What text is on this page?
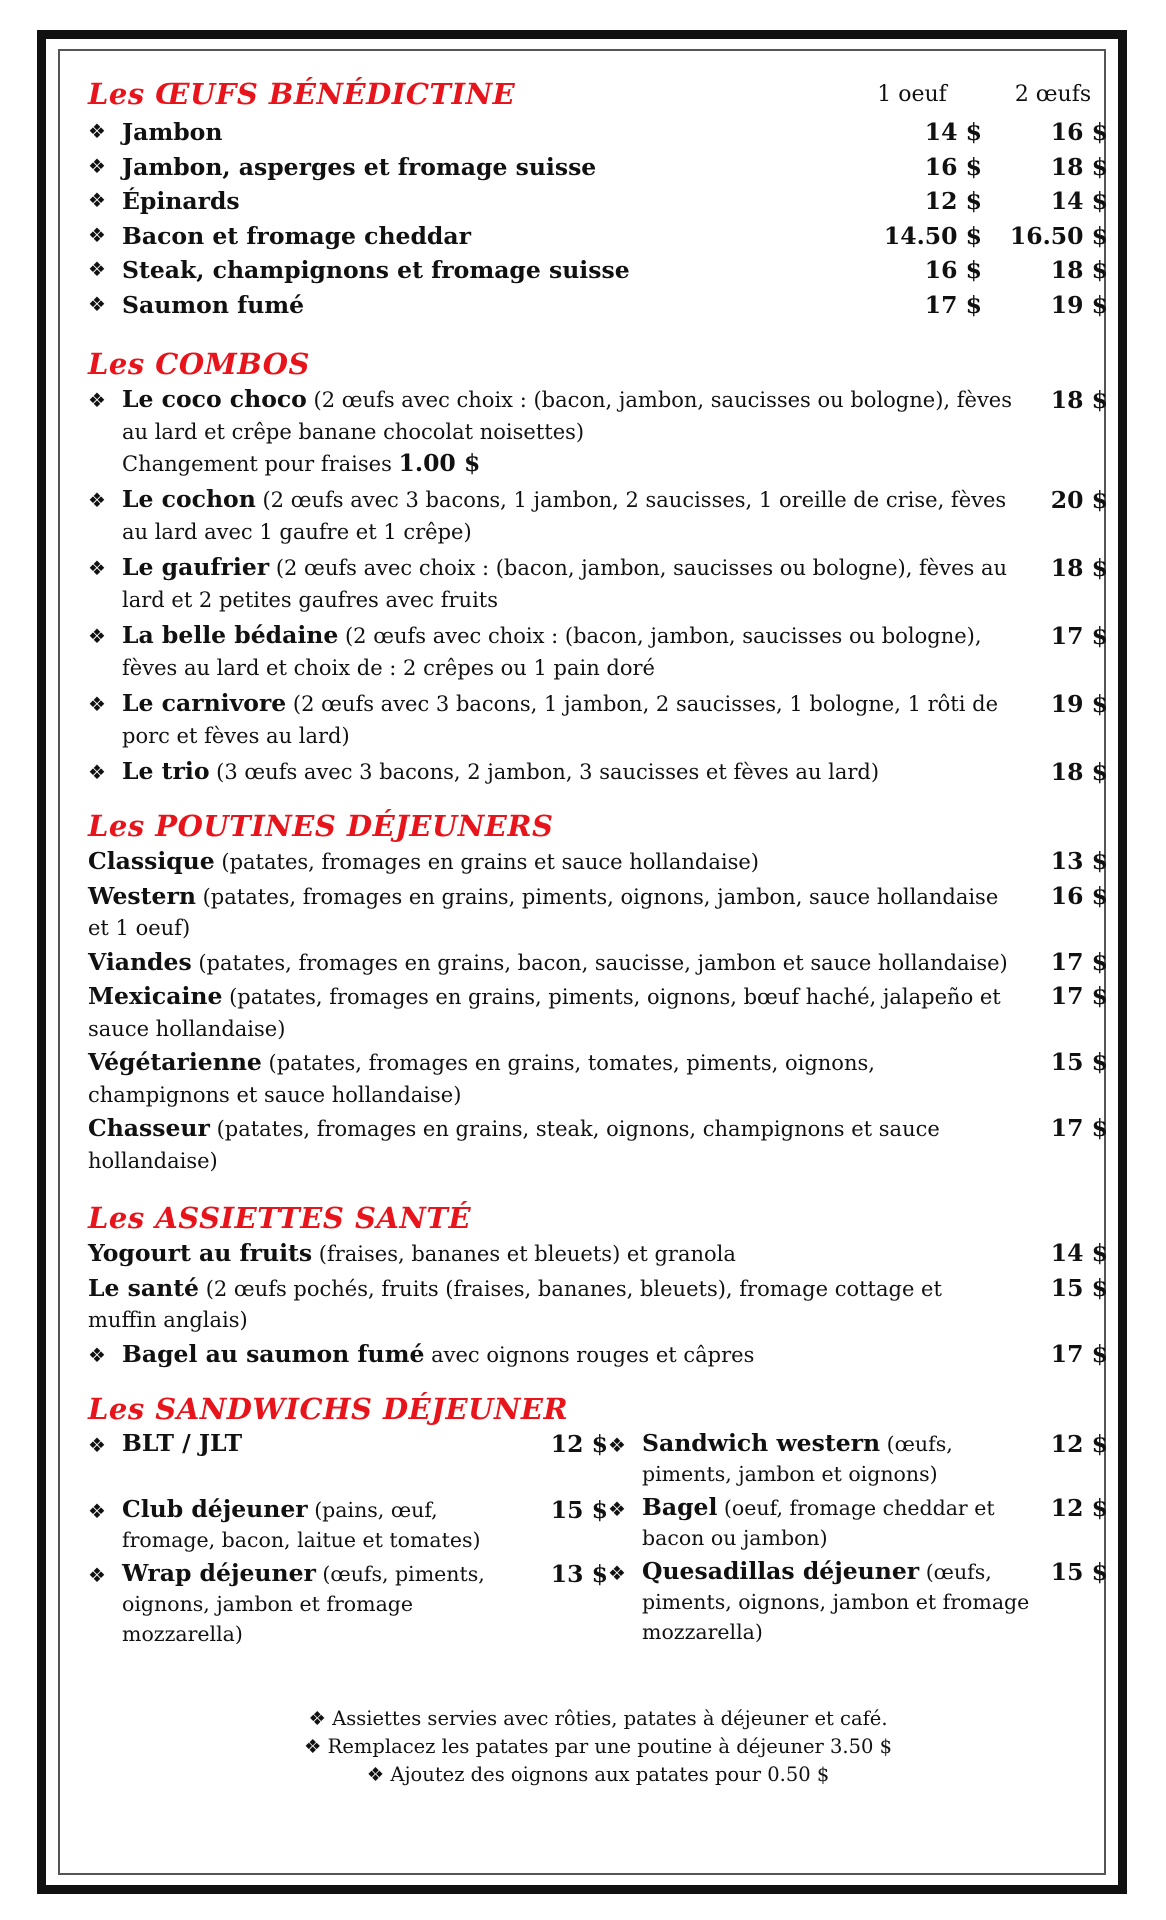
Les ŒUFS BÉNÉDICTINE	1 oeuf	2 œufs
❖ Jambon	14 $	16 $
❖ Jambon, asperges et fromage suisse	16 $	18 $
❖ Épinards	12 $	14 $
❖ Bacon et fromage cheddar	14.50 $	16.50 $
❖ Steak, champignons et fromage suisse	16 $	18 $
❖ Saumon fumé	17 $	19 $
Les COMBOS
❖ Le coco choco (2 œufs avec choix : (bacon, jambon, saucisses ou bologne), fèves au lard et crêpe banane chocolat noisettes)
Changement pour fraises 1.00 $
18 $
❖ Le cochon (2 œufs avec 3 bacons, 1 jambon, 2 saucisses, 1 oreille de crise, fèves au lard avec 1 gaufre et 1 crêpe)
20 $
❖ Le gaufrier (2 œufs avec choix : (bacon, jambon, saucisses ou bologne), fèves au lard et 2 petites gaufres avec fruits
18 $
❖ La belle bédaine (2 œufs avec choix : (bacon, jambon, saucisses ou bologne), fèves au lard et choix de : 2 crêpes ou 1 pain doré
17 $
❖ Le carnivore (2 œufs avec 3 bacons, 1 jambon, 2 saucisses, 1 bologne, 1 rôti de porc et fèves au lard)
19 $
❖ Le trio (3 œufs avec 3 bacons, 2 jambon, 3 saucisses et fèves au lard)	18 $
Les POUTINES DÉJEUNERS
Classique (patates, fromages en grains et sauce hollandaise)	13 $
Western (patates, fromages en grains, piments, oignons, jambon, sauce hollandaise et 1 oeuf)
16 $
Viandes (patates, fromages en grains, bacon, saucisse, jambon et sauce hollandaise)	17 $
Mexicaine (patates, fromages en grains, piments, oignons, bœuf haché, jalapeño et sauce hollandaise)
17 $
Végétarienne (patates, fromages en grains, tomates, piments, oignons, champignons et sauce hollandaise)
15 $
Chasseur (patates, fromages en grains, steak, oignons, champignons et sauce hollandaise)
17 $
Les ASSIETTES SANTÉ
Yogourt au fruits (fraises, bananes et bleuets) et granola	14 $
Le santé (2 œufs pochés, fruits (fraises, bananes, bleuets), fromage cottage et muffin anglais)
15 $
❖ Bagel au saumon fumé avec oignons rouges et câpres	17 $
Les SANDWICHS DÉJEUNER
❖ BLT / JLT	12 $
❖ Club déjeuner (pains, œuf, fromage, bacon, laitue et tomates)
15 $
❖ Wrap déjeuner (œufs, piments, oignons, jambon et fromage mozzarella)
13 $
❖ Sandwich western (œufs, piments, jambon et oignons)
12 $
❖ Bagel (oeuf, fromage cheddar et bacon ou jambon)
12 $
❖ Quesadillas déjeuner (œufs, piments, oignons, jambon et fromage mozzarella)
15 $
❖ Assiettes servies avec rôties, patates à déjeuner et café.
❖ Remplacez les patates par une poutine à déjeuner 3.50 $
❖ Ajoutez des oignons aux patates pour 0.50 $
